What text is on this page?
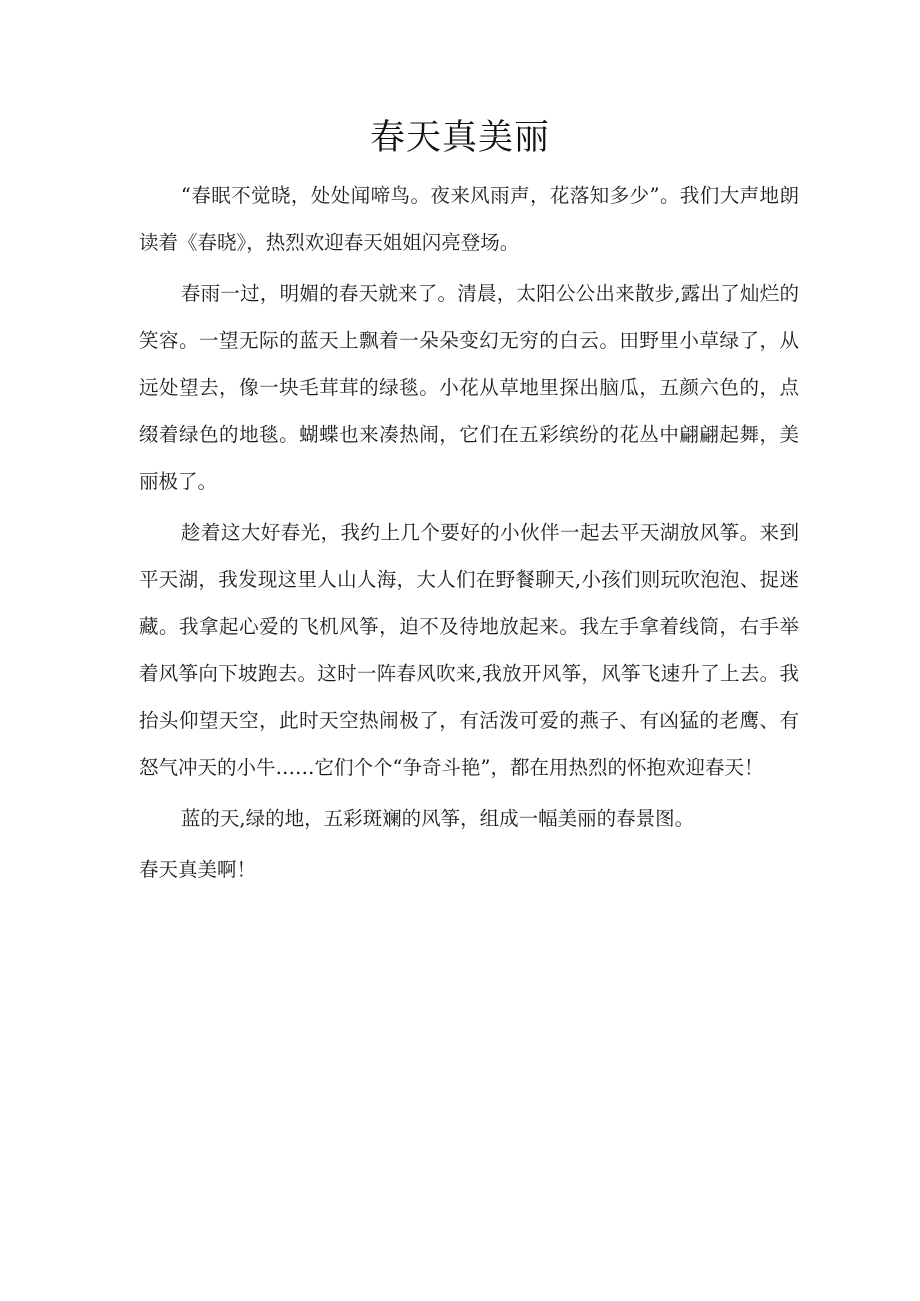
春天真美丽

“春眠不觉晓，处处闻啼鸟。夜来风雨声，花落知多少”。我们大声地朗读着《春晓》，热烈欢迎春天姐姐闪亮登场。

春雨一过，明媚的春天就来了。清晨，太阳公公出来散步,露出了灿烂的笑容。一望无际的蓝天上飘着一朵朵变幻无穷的白云。田野里小草绿了，从远处望去，像一块毛茸茸的绿毯。小花从草地里探出脑瓜，五颜六色的，点缀着绿色的地毯。蝴蝶也来凑热闹，它们在五彩缤纷的花丛中翩翩起舞，美丽极了。

趁着这大好春光，我约上几个要好的小伙伴一起去平天湖放风筝。来到平天湖，我发现这里人山人海，大人们在野餐聊天,小孩们则玩吹泡泡、捉迷藏。我拿起心爱的飞机风筝，迫不及待地放起来。我左手拿着线筒，右手举着风筝向下坡跑去。这时一阵春风吹来,我放开风筝，风筝飞速升了上去。我抬头仰望天空，此时天空热闹极了，有活泼可爱的燕子、有凶猛的老鹰、有怒气冲天的小牛……它们个个“争奇斗艳”，都在用热烈的怀抱欢迎春天！

蓝的天,绿的地，五彩斑斓的风筝，组成一幅美丽的春景图。

春天真美啊！
